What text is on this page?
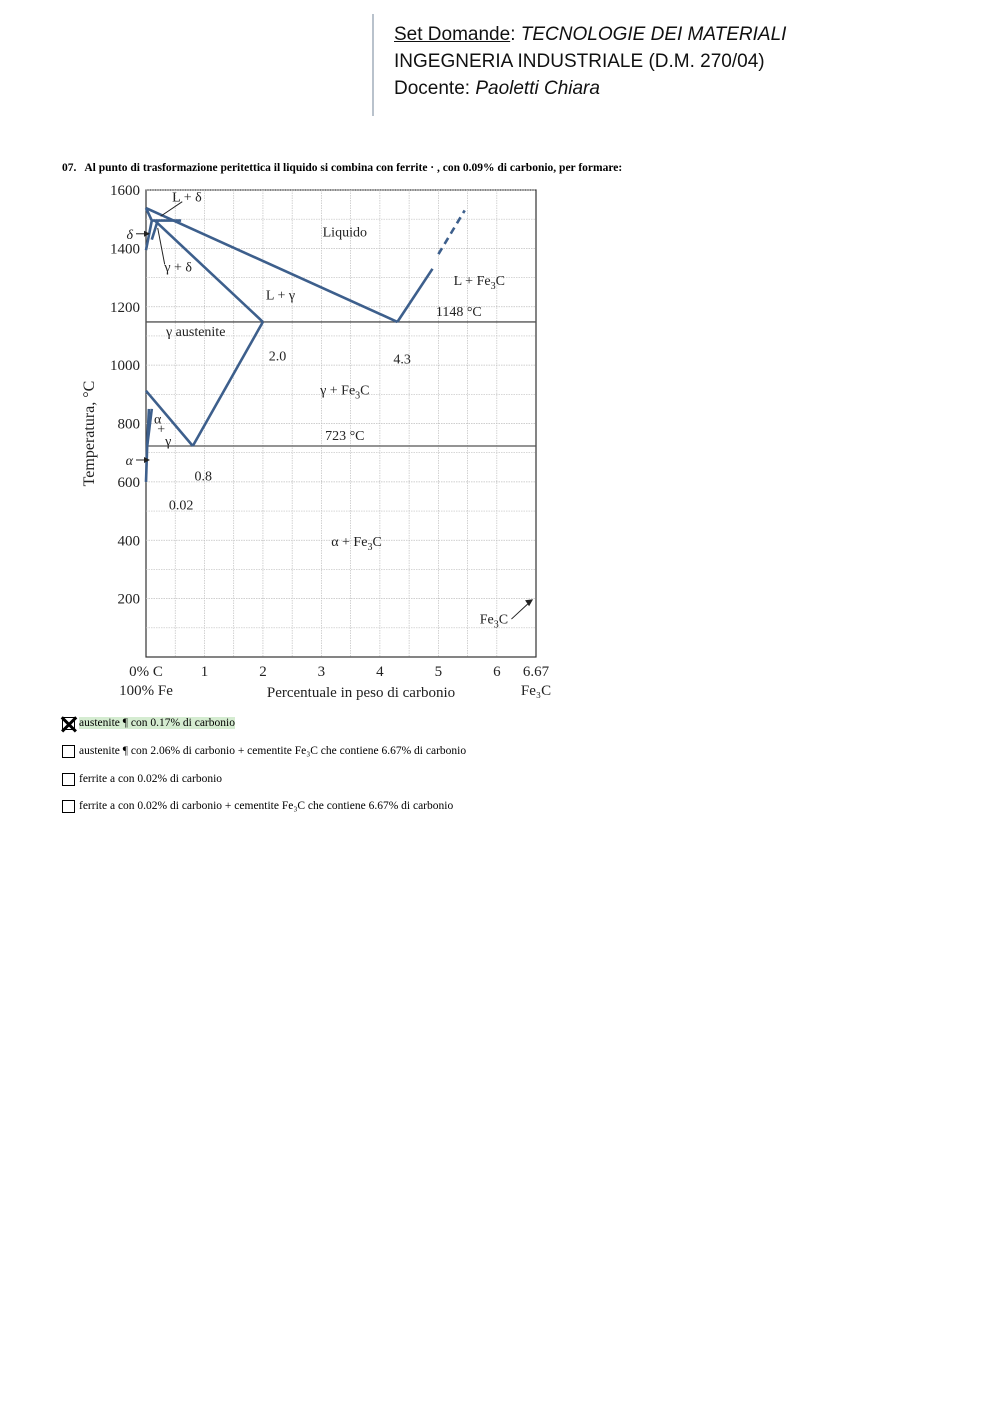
Set Domande: TECNOLOGIE DEI MATERIALI
INGEGNERIA INDUSTRIALE (D.M. 270/04)
Docente: Paoletti Chiara
07. Al punto di trasformazione peritettica il liquido si combina con ferrite · , con 0.09% di carbonio, per formare:
200
400
600
800
1000
1200
1400
1600
δ
α
0% C	1	2	3	4	5	6 6.67
100% Fe	Fe₃C
Percentuale in peso di carbonio
Temperatura, °C
1148 °C
723 °C
L + δ
Liquido
γ + δ
$L + Fe_3C$
L + γ
γ austenite
$\gamma + Fe_3C$
$\alpha + Fe_3C$
$Fe_3C$
α
+
γ
2.0	4.3
0.8
0.02
austenite ¶ con 0.17% di carbonio
austenite ¶ con 2.06% di carbonio + cementite Fe₃C che contiene 6.67% di carbonio
ferrite a con 0.02% di carbonio
ferrite a con 0.02% di carbonio + cementite Fe₃C che contiene 6.67% di carbonio
